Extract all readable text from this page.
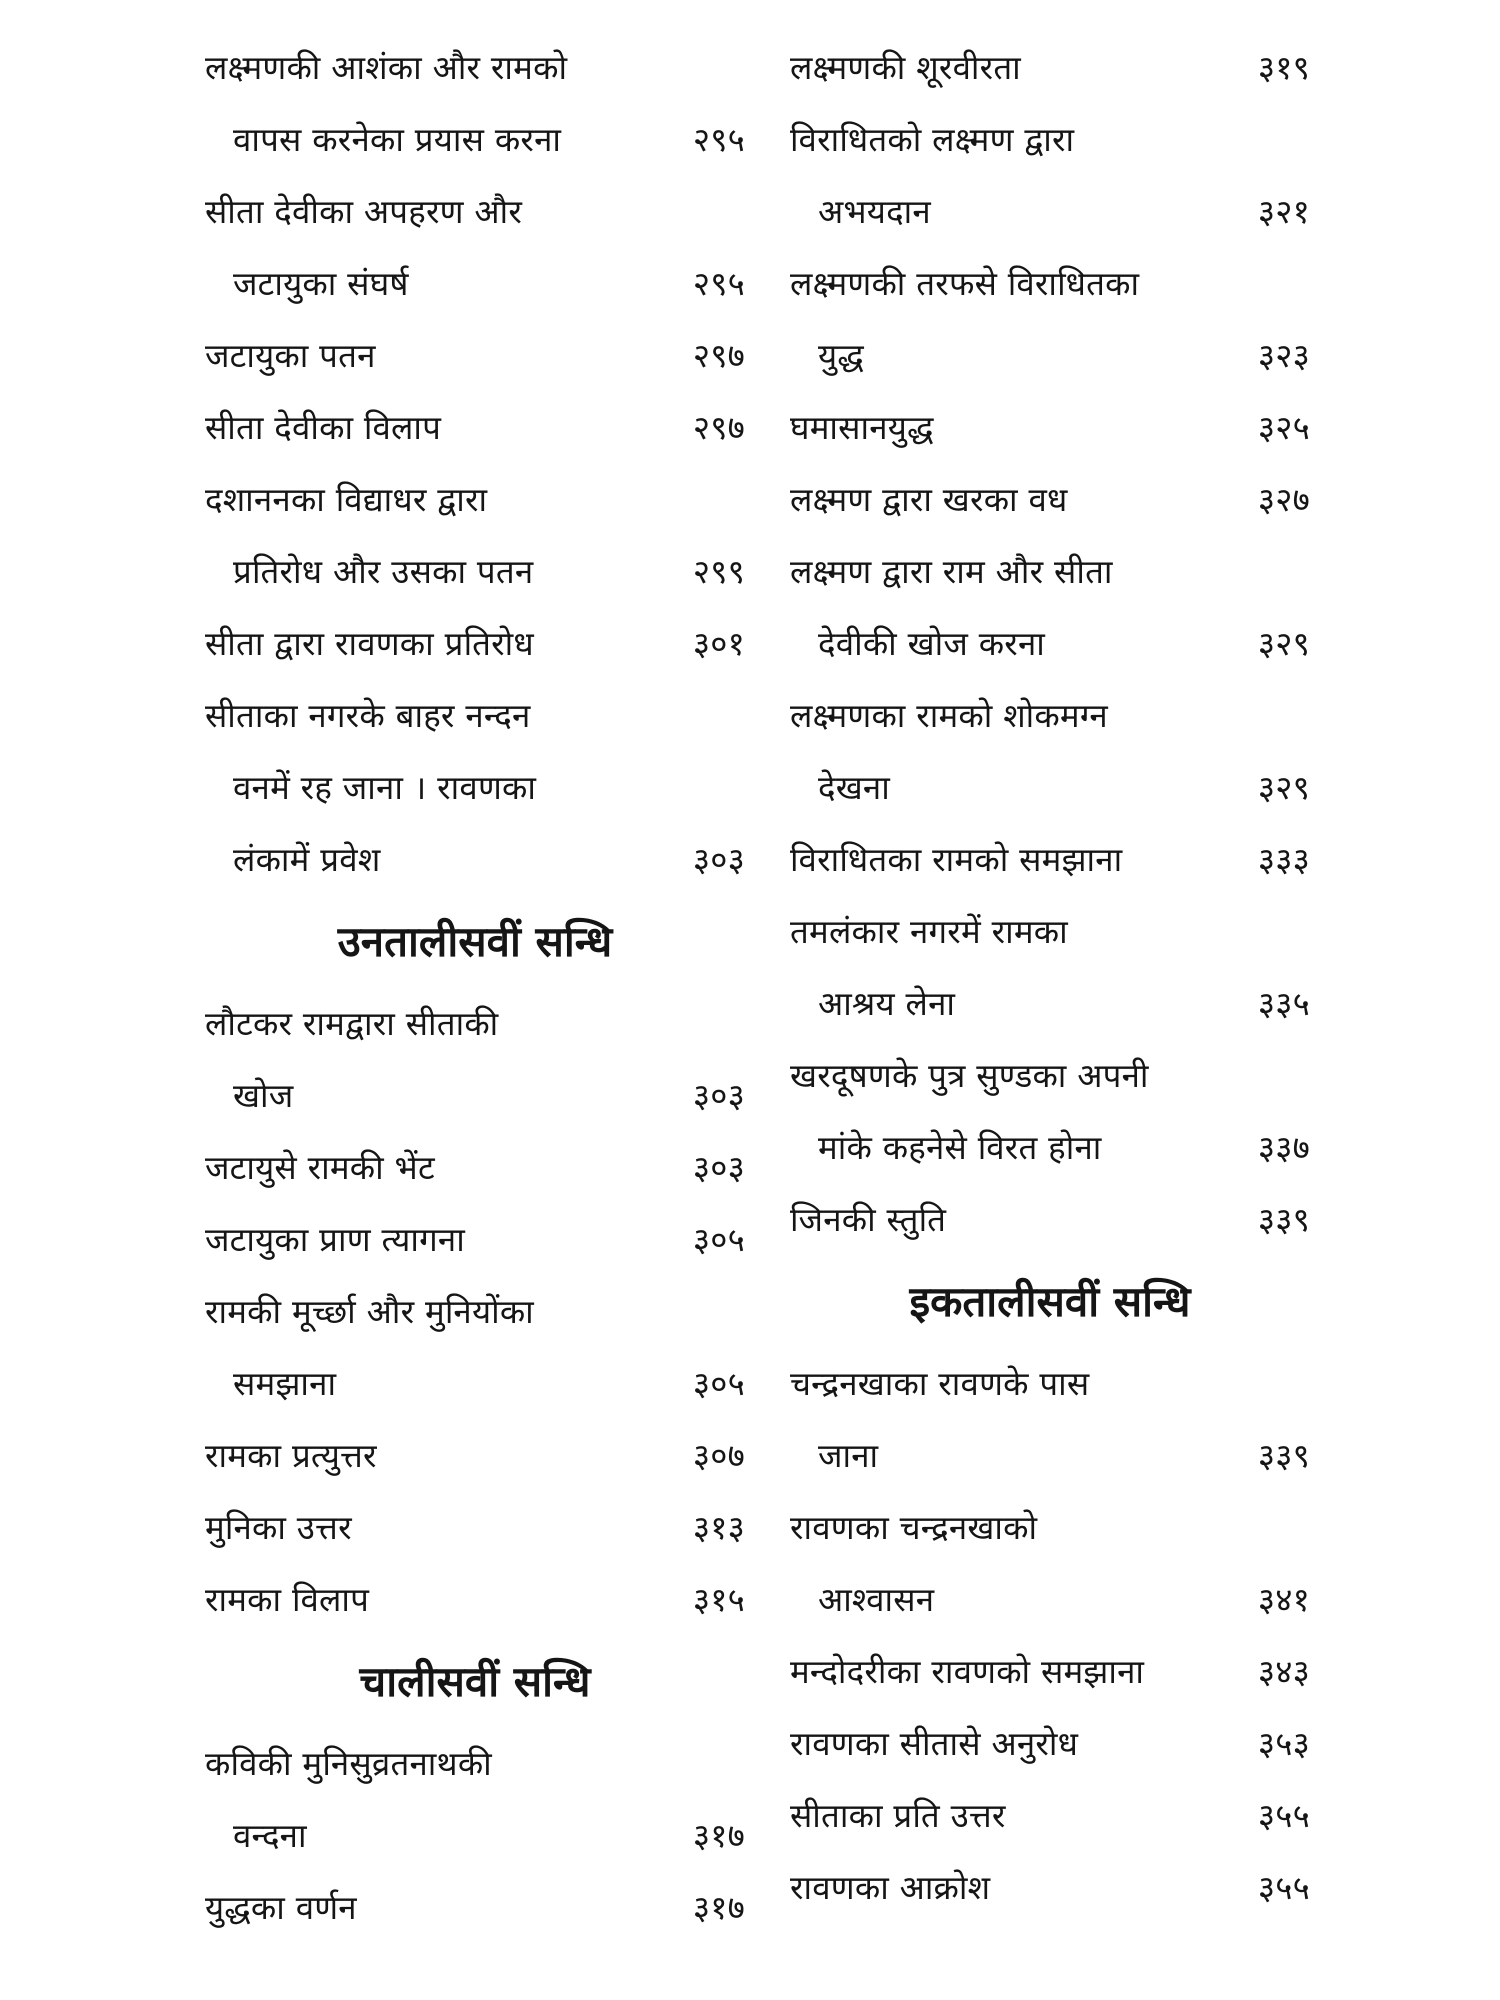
लक्ष्मणकी आशंका और रामको
वापस करनेका प्रयास करना	२९५
सीता देवीका अपहरण और
जटायुका संघर्ष	२९५
जटायुका पतन	२९७
सीता देवीका विलाप	२९७
दशाननका विद्याधर द्वारा
प्रतिरोध और उसका पतन	२९९
सीता द्वारा रावणका प्रतिरोध	३०१
सीताका नगरके बाहर नन्दन
वनमें रह जाना । रावणका
लंकामें प्रवेश	३०३
उनतालीसवीं सन्धि
लौटकर रामद्वारा सीताकी
खोज	३०३
जटायुसे रामकी भेंट	३०३
जटायुका प्राण त्यागना	३०५
रामकी मूर्च्छा और मुनियोंका
समझाना	३०५
रामका प्रत्युत्तर	३०७
मुनिका उत्तर	३१३
रामका विलाप	३१५
चालीसवीं सन्धि
कविकी मुनिसुव्रतनाथकी
वन्दना	३१७
युद्धका वर्णन	३१७
लक्ष्मणकी शूरवीरता	३१९
विराधितको लक्ष्मण द्वारा
अभयदान	३२१
लक्ष्मणकी तरफसे विराधितका
युद्ध	३२३
घमासानयुद्ध	३२५
लक्ष्मण द्वारा खरका वध	३२७
लक्ष्मण द्वारा राम और सीता
देवीकी खोज करना	३२९
लक्ष्मणका रामको शोकमग्न
देखना	३२९
विराधितका रामको समझाना	३३३
तमलंकार नगरमें रामका
आश्रय लेना	३३५
खरदूषणके पुत्र सुण्डका अपनी
मांके कहनेसे विरत होना	३३७
जिनकी स्तुति	३३९
इकतालीसवीं सन्धि
चन्द्रनखाका रावणके पास
जाना	३३९
रावणका चन्द्रनखाको
आश्वासन	३४१
मन्दोदरीका रावणको समझाना	३४३
रावणका सीतासे अनुरोध	३५३
सीताका प्रति उत्तर	३५५
रावणका आक्रोश	३५५
